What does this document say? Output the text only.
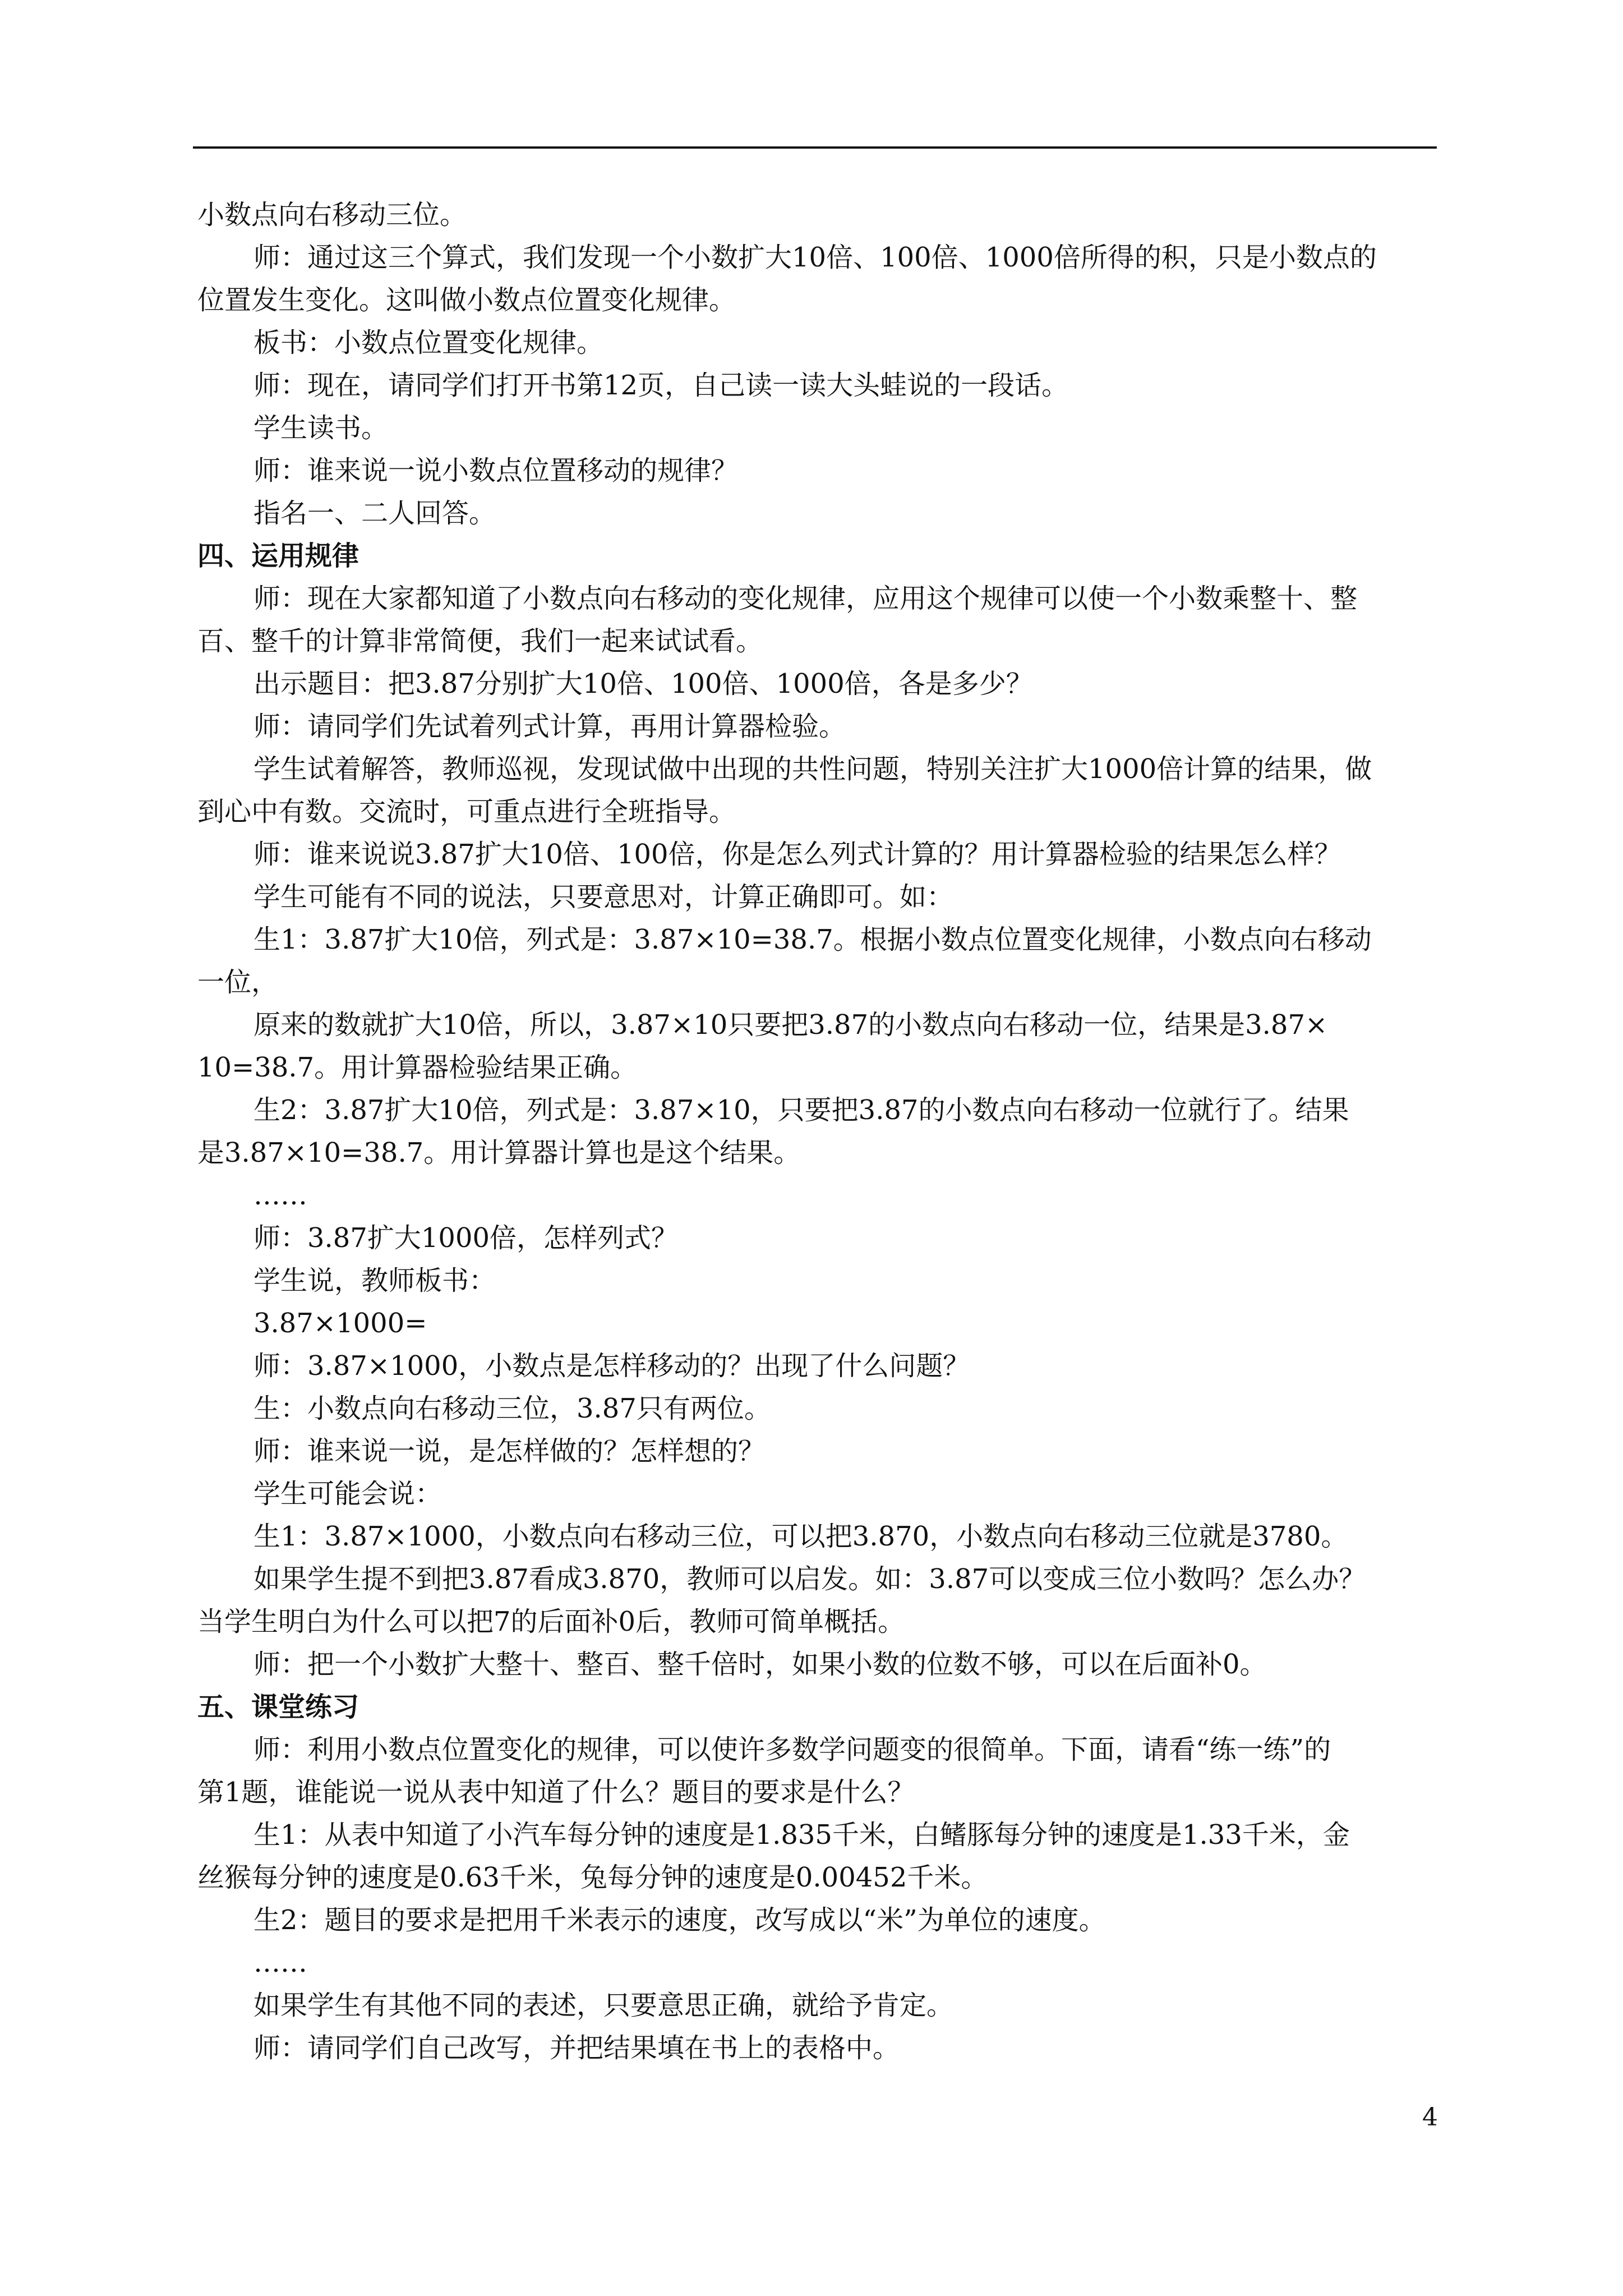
小数点向右移动三位。
师：通过这三个算式，我们发现一个小数扩大10倍、100倍、1000倍所得的积，只是小数点的
位置发生变化。这叫做小数点位置变化规律。
板书：小数点位置变化规律。
师：现在，请同学们打开书第12页，自己读一读大头蛙说的一段话。
学生读书。
师：谁来说一说小数点位置移动的规律？
指名一、二人回答。
四、运用规律
师：现在大家都知道了小数点向右移动的变化规律，应用这个规律可以使一个小数乘整十、整
百、整千的计算非常简便，我们一起来试试看。
出示题目：把3.87分别扩大10倍、100倍、1000倍，各是多少？
师：请同学们先试着列式计算，再用计算器检验。
学生试着解答，教师巡视，发现试做中出现的共性问题，特别关注扩大1000倍计算的结果，做
到心中有数。交流时，可重点进行全班指导。
师：谁来说说3.87扩大10倍、100倍，你是怎么列式计算的？用计算器检验的结果怎么样？
学生可能有不同的说法，只要意思对，计算正确即可。如：
生1：3.87扩大10倍，列式是：3.87×10=38.7。根据小数点位置变化规律，小数点向右移动
一位，
原来的数就扩大10倍，所以，3.87×10只要把3.87的小数点向右移动一位，结果是3.87×
10=38.7。用计算器检验结果正确。
生2：3.87扩大10倍，列式是：3.87×10，只要把3.87的小数点向右移动一位就行了。结果
是3.87×10=38.7。用计算器计算也是这个结果。
……
师：3.87扩大1000倍，怎样列式？
学生说，教师板书：
3.87×1000=
师：3.87×1000，小数点是怎样移动的？出现了什么问题？
生：小数点向右移动三位，3.87只有两位。
师：谁来说一说，是怎样做的？怎样想的？
学生可能会说：
生1：3.87×1000，小数点向右移动三位，可以把3.870，小数点向右移动三位就是3780。
如果学生提不到把3.87看成3.870，教师可以启发。如：3.87可以变成三位小数吗？怎么办？
当学生明白为什么可以把7的后面补0后，教师可简单概括。
师：把一个小数扩大整十、整百、整千倍时，如果小数的位数不够，可以在后面补0。
五、课堂练习
师：利用小数点位置变化的规律，可以使许多数学问题变的很简单。下面，请看“练一练”的
第1题，谁能说一说从表中知道了什么？题目的要求是什么？
生1：从表中知道了小汽车每分钟的速度是1.835千米，白鳍豚每分钟的速度是1.33千米，金
丝猴每分钟的速度是0.63千米，兔每分钟的速度是0.00452千米。
生2：题目的要求是把用千米表示的速度，改写成以“米”为单位的速度。
……
如果学生有其他不同的表述，只要意思正确，就给予肯定。
师：请同学们自己改写，并把结果填在书上的表格中。
4
